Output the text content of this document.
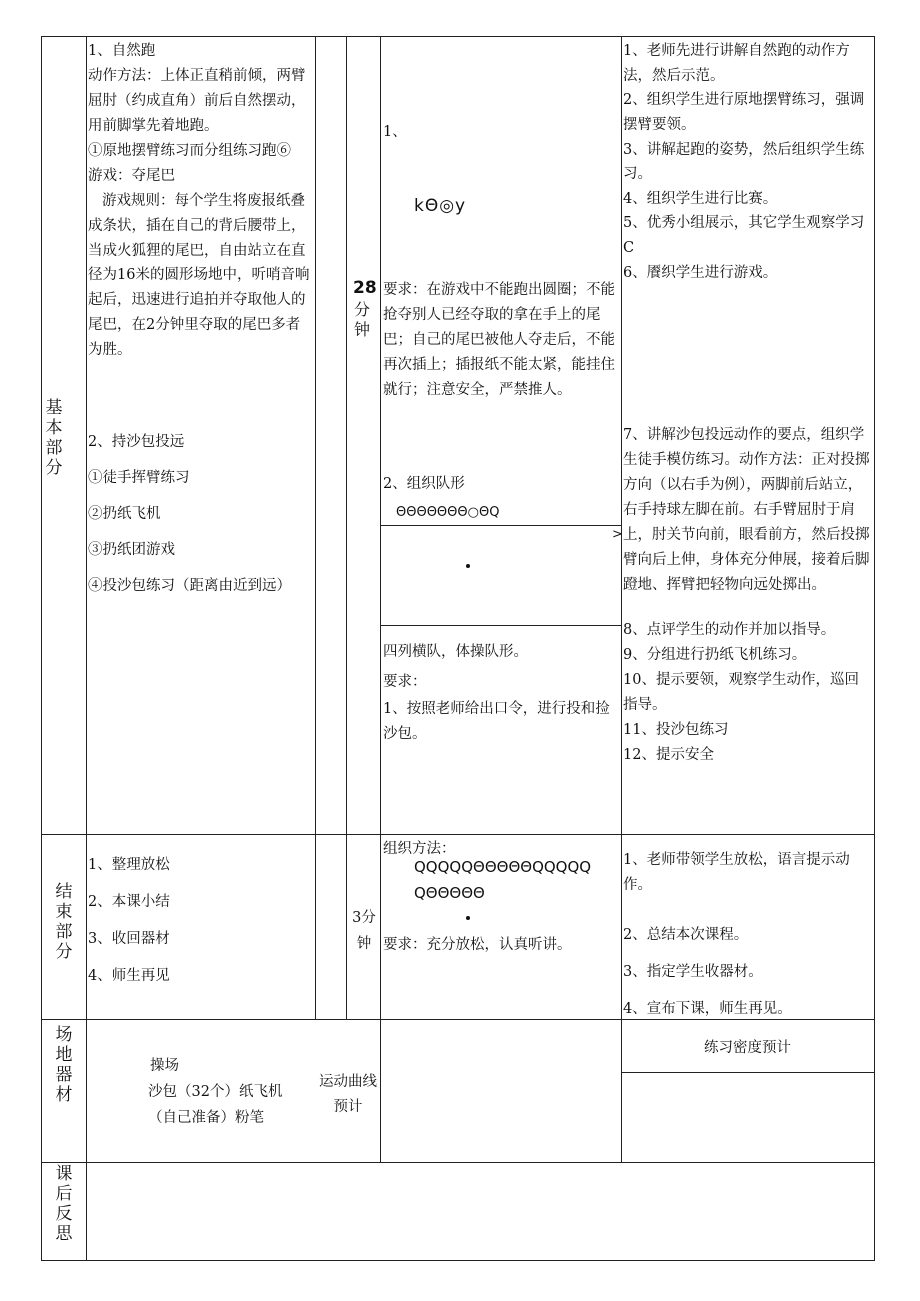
基本部分
1、自然跑
动作方法：上体正直稍前倾，两臂屈肘（约成直角）前后自然摆动，用前脚掌先着地跑。
①原地摆臂练习而分组练习跑⑥
游戏：夺尾巴
游戏规则：每个学生将废报纸叠成条状，插在自己的背后腰带上，当成火狐狸的尾巴，自由站立在直径为16米的圆形场地中，听哨音响起后，迅速进行追拍并夺取他人的尾巴，在2分钟里夺取的尾巴多者为胜。
2、持沙包投远
①徒手挥臂练习
②扔纸飞机
③扔纸团游戏
④投沙包练习（距离由近到远）
28
分钟
1、
kΘ◎y
要求：在游戏中不能跑出圆圈；不能抢夺别人已经夺取的拿在手上的尾巴；自己的尾巴被他人夺走后，不能再次插上；插报纸不能太紧，能挂住就行；注意安全，严禁推人。
2、组织队形
ΘΘΘΘΘΘΘ○ΘQ
>
四列横队，体操队形。
要求：
1、按照老师给出口令，进行投和捡沙包。
1、老师先进行讲解自然跑的动作方法，然后示范。
2、组织学生进行原地摆臂练习，强调摆臂要领。
3、讲解起跑的姿势，然后组织学生练习。
4、组织学生进行比赛。
5、优秀小组展示，其它学生观察学习C
6、餍织学生进行游戏。
7、讲解沙包投远动作的要点，组织学生徒手模仿练习。动作方法：正对投掷方向（以右手为例），两脚前后站立，右手持球左脚在前。右手臂屈肘于肩上，肘关节向前，眼看前方，然后投掷臂向后上伸，身体充分伸展，接着后脚蹬地、挥臂把轻物向远处掷出。
8、点评学生的动作并加以指导。
9、分组进行扔纸飞机练习。
10、提示要领，观察学生动作，巡回指导。
11、投沙包练习
12、提示安全
结束部分
1、整理放松
2、本课小结
3、收回器材
4、师生再见
3分钟
组织方法：
QQQQQΘΘΘΘΘQQQQQ
QΘΘΘΘΘ
要求：充分放松，认真听讲。
1、老师带领学生放松，语言提示动作。
2、总结本次课程。
3、指定学生收器材。
4、宣布下课，师生再见。
场地器材
操场
沙包（32个）纸飞机
（自己准备）粉笔
运动曲线预计
练习密度预计
课后反思
